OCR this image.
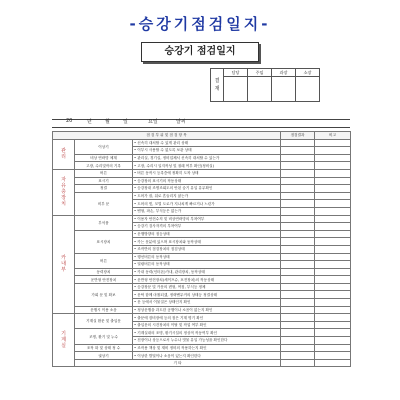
-승강기점검일지-
승강기 점검일지
결
재	담당	주임	과장	소장

20	년	월	일	요일	날씨
점 검 부 위 및 점 검 항 목			점검결과	비고	
관
리	이상기	• 신속히 대처할 수 있게 관리 상태			
		• 이부시 사용할 수 없도록 보관 상태			
	비상 연락망 체계	• 관리실, 경기실, 정비업체서 신속히 대처할 수 있는가			
	고장, 수리및작의 기록	• 고장, 수리시 일지작성 및 절래 여부 확인(정비실)			
자
유
층
장
치	버튼	• 버튼 동작시 등록층에 정확히 도착 상태			
	표시기	• 승강장의 표시기의 작동상태			
	정결	• 승강장내 조명조회도의 안된 습기 유입 유무확인			
	비부 문	• 도어가 잘, 뒤로 흔들리지 않는가			
		• 도어의 빗, 모멸 도로가 지나치게 빠르거나 느린가			
		• 벤형, 파손, 부식등은 없는가			
카
내
부	부석품	• 이용자 안전수칙 및 비상연락망의 부착여부			
		• 승강기 검사자격의 부착여부			
	표시장치	• 운행방향의 점등상태			
		• 카는 문분에 있으며 표시장치와 동작상태			
		• 조작반의 점검장치의 점검상태			
	버튼	• 행선버튼의 동작상태			
		• 열림버튼의 동작상태			
	동력장치	• 카내 동력(인터폰)카내, 관리장치, 동작상태			
	운반형 안전장치	• 운반형 안전장치(세이프슈, 포전장치)의 작동상태			
	가회 문 및 확보	• 승강장문 및 카문의 변형, 여짐, 부식등 정체			
		• 문틱 함께 마찰되겠, 정략밴무커의 상태등 정결상태			
		• 문 등에서 이물질은 상태인지 확인			
	운행시 이용 소음	• 정상운행을 과도한 공행이나 소음이 없는지 확인			
기
계
실	기계실 환문 및 출입문	• 출문에 잠비장에 등의 점은 기계 명기 확인			
		• 출입문의 시건장치의 이탈 및 작업 여부 확인			
	조명, 환기 및 누수	• 기계실내의 조명, 환기시설의 정상적 작동여부 확인			
		• 천장이나 상등으로서 누수나 빗물 유입 가능성을 확인한다			
	조작 화 및 상태 정 수	• 조작용 책상 및 재비 정비의 작용하는지 확인			
	권상기	• 이상한 발열이나 소음이 있는지 확인한다			
	기 타				
